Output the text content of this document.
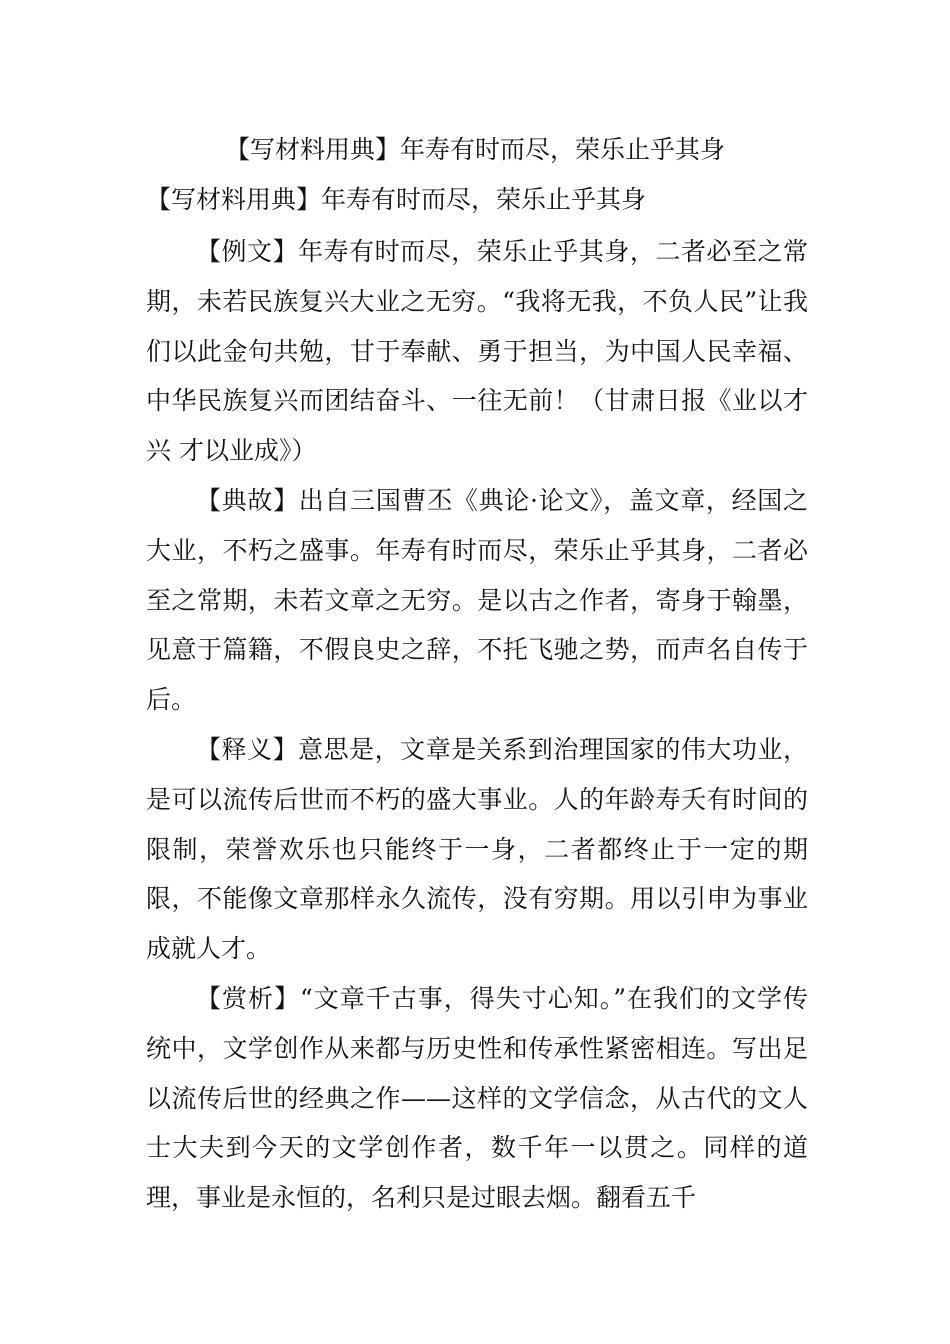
【写材料用典】年寿有时而尽，荣乐止乎其身
【写材料用典】年寿有时而尽，荣乐止乎其身

【例文】年寿有时而尽，荣乐止乎其身，二者必至之常期，未若民族复兴大业之无穷。“我将无我，不负人民”让我们以此金句共勉，甘于奉献、勇于担当，为中国人民幸福、中华民族复兴而团结奋斗、一往无前！（甘肃日报《业以才兴 才以业成》）

【典故】出自三国曹丕《典论·论文》，盖文章，经国之大业，不朽之盛事。年寿有时而尽，荣乐止乎其身，二者必至之常期，未若文章之无穷。是以古之作者，寄身于翰墨，见意于篇籍，不假良史之辞，不托飞驰之势，而声名自传于后。

【释义】意思是，文章是关系到治理国家的伟大功业，是可以流传后世而不朽的盛大事业。人的年龄寿夭有时间的限制，荣誉欢乐也只能终于一身，二者都终止于一定的期限，不能像文章那样永久流传，没有穷期。用以引申为事业成就人才。

【赏析】“文章千古事，得失寸心知。”在我们的文学传统中，文学创作从来都与历史性和传承性紧密相连。写出足以流传后世的经典之作——这样的文学信念，从古代的文人士大夫到今天的文学创作者，数千年一以贯之。同样的道理，事业是永恒的，名利只是过眼去烟。翻看五千
